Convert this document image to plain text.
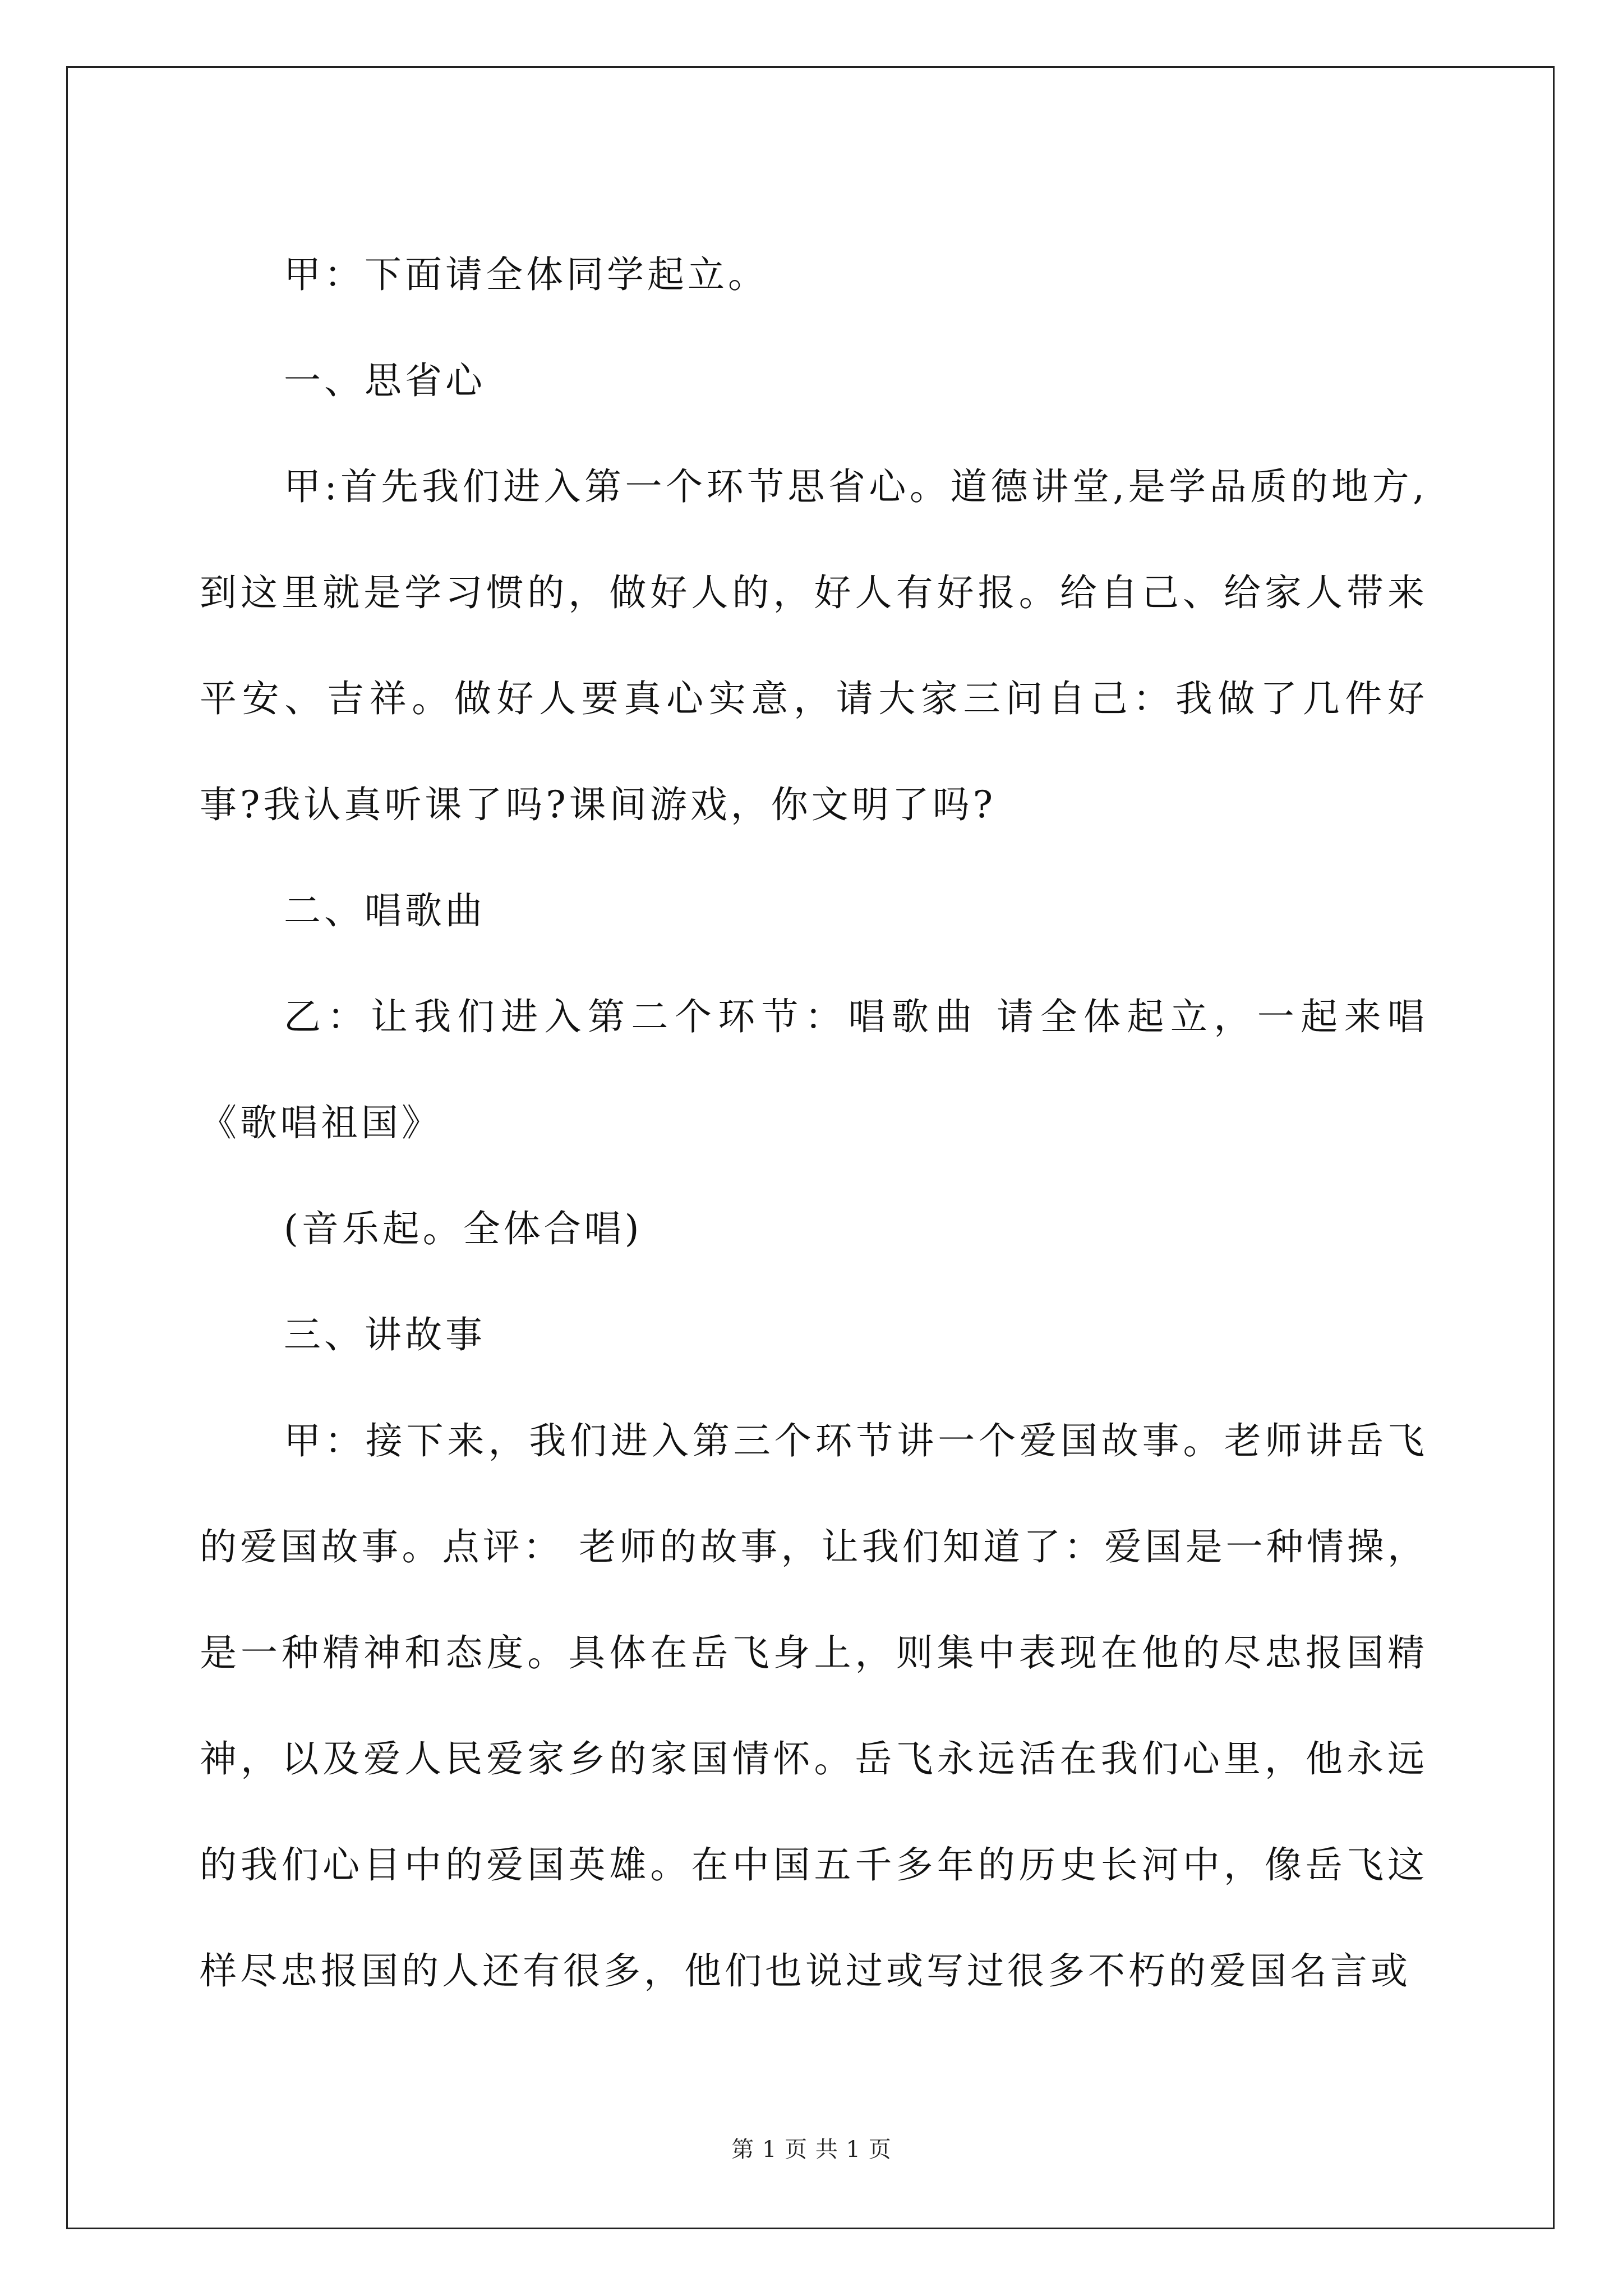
甲：下面请全体同学起立。

一、思省心

甲:首先我们进入第一个环节思省心。道德讲堂,是学品质的地方,到这里就是学习惯的，做好人的，好人有好报。给自己、给家人带来平安、吉祥。做好人要真心实意，请大家三问自己：我做了几件好事?我认真听课了吗?课间游戏，你文明了吗?

二、唱歌曲

乙：让我们进入第二个环节：唱歌曲 请全体起立，一起来唱《歌唱祖国》

(音乐起。全体合唱)

三、讲故事

甲：接下来，我们进入第三个环节讲一个爱国故事。老师讲岳飞的爱国故事。点评： 老师的故事，让我们知道了：爱国是一种情操，是一种精神和态度。具体在岳飞身上，则集中表现在他的尽忠报国精神，以及爱人民爱家乡的家国情怀。岳飞永远活在我们心里，他永远的我们心目中的爱国英雄。在中国五千多年的历史长河中，像岳飞这样尽忠报国的人还有很多，他们也说过或写过很多不朽的爱国名言或

第 1 页 共 1 页
